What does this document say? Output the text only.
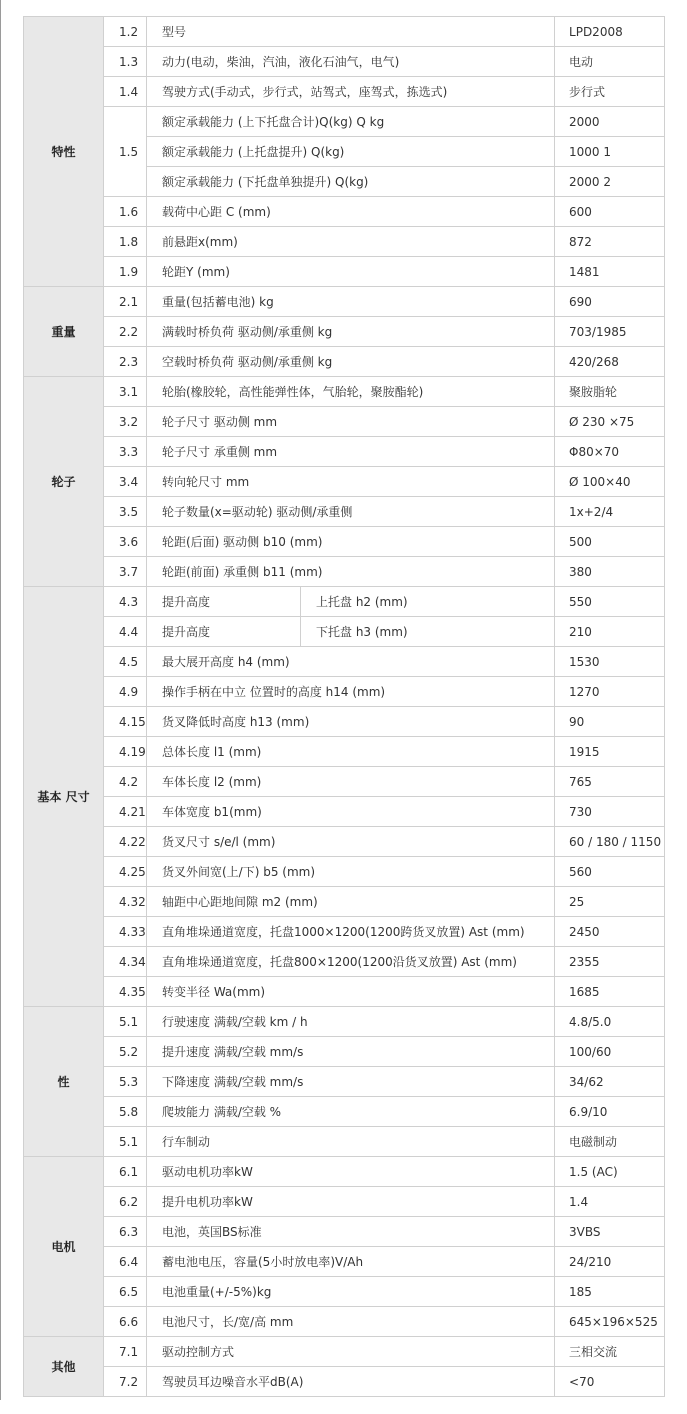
特性	1.2	型号		LPD2008
	1.3	动力(电动，柴油，汽油，液化石油气，电气)		电动
	1.4	驾驶方式(手动式，步行式，站驾式，座驾式，拣选式)		步行式
	1.5	额定承载能力 (上下托盘合计)Q(kg) Q kg		2000
		额定承载能力 (上托盘提升) Q(kg)		1000 1
		额定承载能力 (下托盘单独提升) Q(kg)		2000 2
	1.6	载荷中心距 C (mm)		600
	1.8	前悬距x(mm)		872
	1.9	轮距Y (mm)		1481
重量	2.1	重量(包括蓄电池) kg		690
	2.2	满载时桥负荷 驱动侧/承重侧 kg		703/1985
	2.3	空载时桥负荷 驱动侧/承重侧 kg		420/268
轮子	3.1	轮胎(橡胶轮，高性能弹性体，气胎轮，聚胺酯轮)		聚胺脂轮
	3.2	轮子尺寸 驱动侧 mm		Ø 230 ×75
	3.3	轮子尺寸 承重侧 mm		Φ80×70
	3.4	转向轮尺寸 mm		Ø 100×40
	3.5	轮子数量(x=驱动轮) 驱动侧/承重侧		1x+2/4
	3.6	轮距(后面) 驱动侧 b10 (mm)		500
	3.7	轮距(前面) 承重侧 b11 (mm)		380
基本 尺寸	4.3	提升高度	上托盘 h2 (mm)	550
	4.4	提升高度	下托盘 h3 (mm)	210
	4.5	最大展开高度 h4 (mm)		1530
	4.9	操作手柄在中立 位置时的高度 h14 (mm)		1270
	4.15	货叉降低时高度 h13 (mm)		90
	4.19	总体长度 l1 (mm)		1915
	4.2	车体长度 l2 (mm)		765
	4.21	车体宽度 b1(mm)		730
	4.22	货叉尺寸 s/e/l (mm)		60 / 180 / 1150
	4.25	货叉外间宽(上/下) b5 (mm)		560
	4.32	轴距中心距地间隙 m2 (mm)		25
	4.33	直角堆垛通道宽度，托盘1000×1200(1200跨货叉放置) Ast (mm)		2450
	4.34	直角堆垛通道宽度，托盘800×1200(1200沿货叉放置) Ast (mm)		2355
	4.35	转变半径 Wa(mm)		1685
性	5.1	行驶速度 满载/空载 km / h		4.8/5.0
	5.2	提升速度 满载/空载 mm/s		100/60
	5.3	下降速度 满载/空载 mm/s		34/62
	5.8	爬坡能力 满载/空载 %		6.9/10
	5.1	行车制动		电磁制动
电机	6.1	驱动电机功率kW		1.5 (AC)
	6.2	提升电机功率kW		1.4
	6.3	电池，英国BS标准		3VBS
	6.4	蓄电池电压，容量(5小时放电率)V/Ah		24/210
	6.5	电池重量(+/-5%)kg		185
	6.6	电池尺寸，长/宽/高 mm		645×196×525
其他	7.1	驱动控制方式		三相交流
	7.2	驾驶员耳边噪音水平dB(A)		<70
